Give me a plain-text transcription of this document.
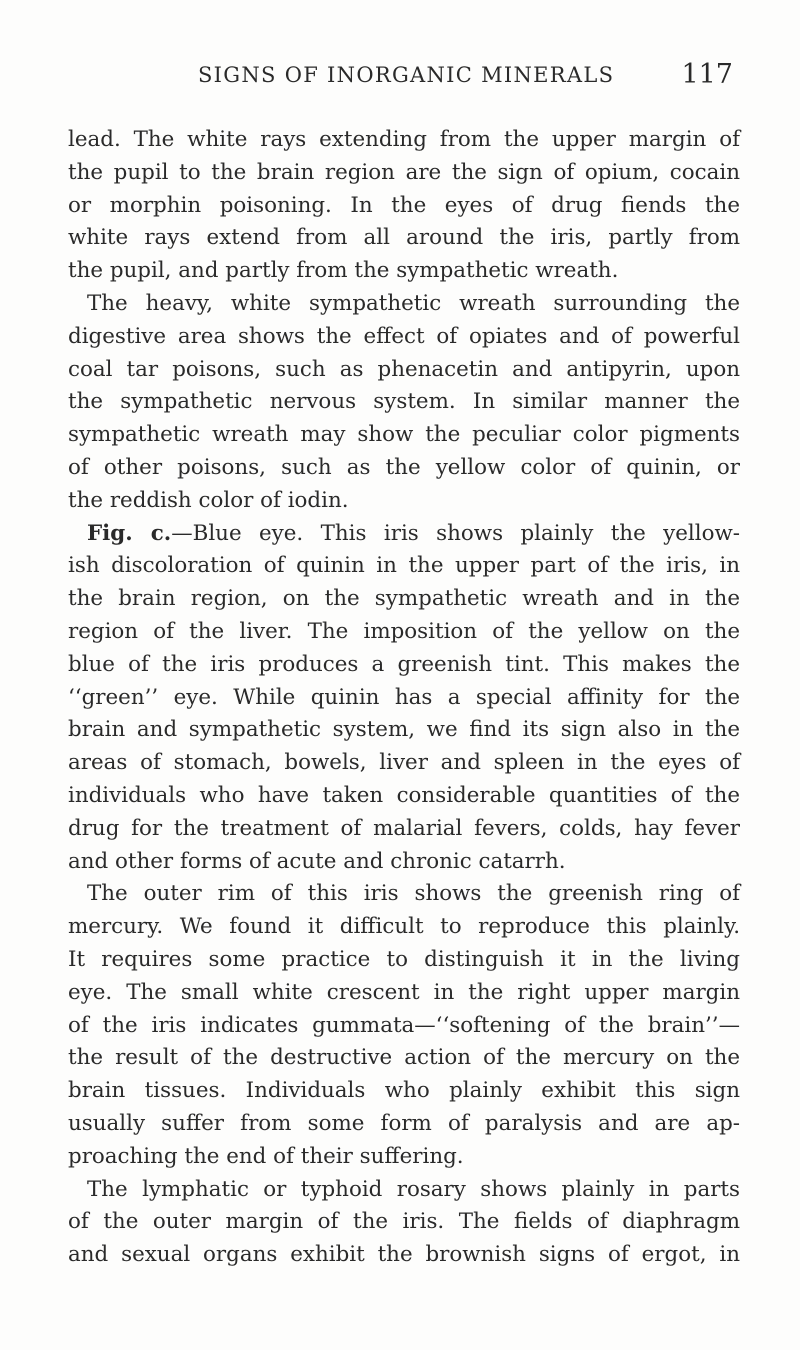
SIGNS OF INORGANIC MINERALS 117
lead. The white rays extending from the upper margin of
the pupil to the brain region are the sign of opium, cocain
or morphin poisoning. In the eyes of drug fiends the
white rays extend from all around the iris, partly from
the pupil, and partly from the sympathetic wreath.
The heavy, white sympathetic wreath surrounding the
digestive area shows the effect of opiates and of powerful
coal tar poisons, such as phenacetin and antipyrin, upon
the sympathetic nervous system. In similar manner the
sympathetic wreath may show the peculiar color pigments
of other poisons, such as the yellow color of quinin, or
the reddish color of iodin.
Fig. c.—Blue eye. This iris shows plainly the yellow-
ish discoloration of quinin in the upper part of the iris, in
the brain region, on the sympathetic wreath and in the
region of the liver. The imposition of the yellow on the
blue of the iris produces a greenish tint. This makes the
‘‘green’’ eye. While quinin has a special affinity for the
brain and sympathetic system, we find its sign also in the
areas of stomach, bowels, liver and spleen in the eyes of
individuals who have taken considerable quantities of the
drug for the treatment of malarial fevers, colds, hay fever
and other forms of acute and chronic catarrh.
The outer rim of this iris shows the greenish ring of
mercury. We found it difficult to reproduce this plainly.
It requires some practice to distinguish it in the living
eye. The small white crescent in the right upper margin
of the iris indicates gummata—‘‘softening of the brain’’—
the result of the destructive action of the mercury on the
brain tissues. Individuals who plainly exhibit this sign
usually suffer from some form of paralysis and are ap-
proaching the end of their suffering.
The lymphatic or typhoid rosary shows plainly in parts
of the outer margin of the iris. The fields of diaphragm
and sexual organs exhibit the brownish signs of ergot, in
